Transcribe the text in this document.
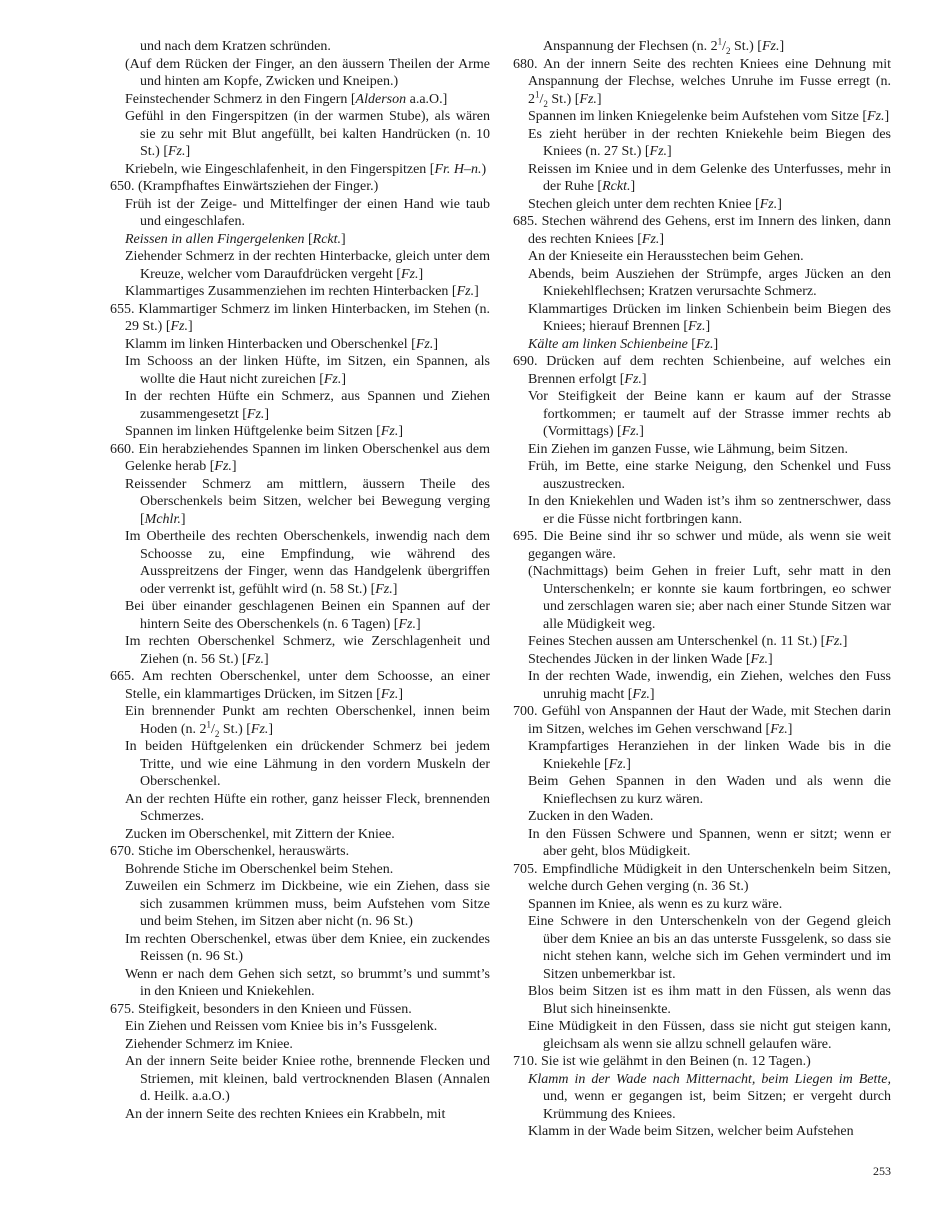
und nach dem Kratzen schründen.
(Auf dem Rücken der Finger, an den äussern Theilen der Arme und hinten am Kopfe, Zwicken und Kneipen.)
Feinstechender Schmerz in den Fingern [Alderson a.a.O.]
Gefühl in den Fingerspitzen (in der warmen Stube), als wären sie zu sehr mit Blut angefüllt, bei kalten Handrücken (n. 10 St.) [Fz.]
Kriebeln, wie Eingeschlafenheit, in den Fingerspitzen [Fr. H–n.)
650. (Krampfhaftes Einwärtsziehen der Finger.)
Früh ist der Zeige- und Mittelfinger der einen Hand wie taub und eingeschlafen.
Reissen in allen Fingergelenken [Rckt.]
Ziehender Schmerz in der rechten Hinterbacke, gleich unter dem Kreuze, welcher vom Daraufdrücken vergeht [Fz.]
Klammartiges Zusammenziehen im rechten Hinterbacken [Fz.]
655. Klammartiger Schmerz im linken Hinterbacken, im Stehen (n. 29 St.) [Fz.]
Klamm im linken Hinterbacken und Oberschenkel [Fz.]
Im Schooss an der linken Hüfte, im Sitzen, ein Spannen, als wollte die Haut nicht zureichen [Fz.]
In der rechten Hüfte ein Schmerz, aus Spannen und Ziehen zusammengesetzt [Fz.]
Spannen im linken Hüftgelenke beim Sitzen [Fz.]
660. Ein herabziehendes Spannen im linken Oberschenkel aus dem Gelenke herab [Fz.]
Reissender Schmerz am mittlern, äussern Theile des Oberschenkels beim Sitzen, welcher bei Bewegung verging [Mchlr.]
Im Obertheile des rechten Oberschenkels, inwendig nach dem Schoosse zu, eine Empfindung, wie während des Ausspreitzens der Finger, wenn das Handgelenk übergriffen oder verrenkt ist, gefühlt wird (n. 58 St.) [Fz.]
Bei über einander geschlagenen Beinen ein Spannen auf der hintern Seite des Oberschenkels (n. 6 Tagen) [Fz.]
Im rechten Oberschenkel Schmerz, wie Zerschlagenheit und Ziehen (n. 56 St.) [Fz.]
665. Am rechten Oberschenkel, unter dem Schoosse, an einer Stelle, ein klammartiges Drücken, im Sitzen [Fz.]
Ein brennender Punkt am rechten Oberschenkel, innen beim Hoden (n. $2^1/_2$ St.) [Fz.]
In beiden Hüftgelenken ein drückender Schmerz bei jedem Tritte, und wie eine Lähmung in den vordern Muskeln der Oberschenkel.
An der rechten Hüfte ein rother, ganz heisser Fleck, brennenden Schmerzes.
Zucken im Oberschenkel, mit Zittern der Kniee.
670. Stiche im Oberschenkel, herauswärts.
Bohrende Stiche im Oberschenkel beim Stehen.
Zuweilen ein Schmerz im Dickbeine, wie ein Ziehen, dass sie sich zusammen krümmen muss, beim Aufstehen vom Sitze und beim Stehen, im Sitzen aber nicht (n. 96 St.)
Im rechten Oberschenkel, etwas über dem Kniee, ein zuckendes Reissen (n. 96 St.)
Wenn er nach dem Gehen sich setzt, so brummt’s und summt’s in den Knieen und Kniekehlen.
675. Steifigkeit, besonders in den Knieen und Füssen.
Ein Ziehen und Reissen vom Kniee bis in’s Fussgelenk.
Ziehender Schmerz im Kniee.
An der innern Seite beider Kniee rothe, brennende Flecken und Striemen, mit kleinen, bald vertrocknenden Blasen (Annalen d. Heilk. a.a.O.)
An der innern Seite des rechten Kniees ein Krabbeln, mit
Anspannung der Flechsen (n. $2^1/_2$ St.) [Fz.]
680. An der innern Seite des rechten Kniees eine Dehnung mit Anspannung der Flechse, welches Unruhe im Fusse erregt (n. $2^1/_2$ St.) [Fz.]
Spannen im linken Kniegelenke beim Aufstehen vom Sitze [Fz.]
Es zieht herüber in der rechten Kniekehle beim Biegen des Kniees (n. 27 St.) [Fz.]
Reissen im Kniee und in dem Gelenke des Unterfusses, mehr in der Ruhe [Rckt.]
Stechen gleich unter dem rechten Kniee [Fz.]
685. Stechen während des Gehens, erst im Innern des linken, dann des rechten Kniees [Fz.]
An der Knieseite ein Herausstechen beim Gehen.
Abends, beim Ausziehen der Strümpfe, arges Jücken an den Kniekehlflechsen; Kratzen verursachte Schmerz.
Klammartiges Drücken im linken Schienbein beim Biegen des Kniees; hierauf Brennen [Fz.]
Kälte am linken Schienbeine [Fz.]
690. Drücken auf dem rechten Schienbeine, auf welches ein Brennen erfolgt [Fz.]
Vor Steifigkeit der Beine kann er kaum auf der Strasse fortkommen; er taumelt auf der Strasse immer rechts ab (Vormittags) [Fz.]
Ein Ziehen im ganzen Fusse, wie Lähmung, beim Sitzen.
Früh, im Bette, eine starke Neigung, den Schenkel und Fuss auszustrecken.
In den Kniekehlen und Waden ist’s ihm so zentnerschwer, dass er die Füsse nicht fortbringen kann.
695. Die Beine sind ihr so schwer und müde, als wenn sie weit gegangen wäre.
(Nachmittags) beim Gehen in freier Luft, sehr matt in den Unterschenkeln; er konnte sie kaum fortbringen, eo schwer und zerschlagen waren sie; aber nach einer Stunde Sitzen war alle Müdigkeit weg.
Feines Stechen aussen am Unterschenkel (n. 11 St.) [Fz.]
Stechendes Jücken in der linken Wade [Fz.]
In der rechten Wade, inwendig, ein Ziehen, welches den Fuss unruhig macht [Fz.]
700. Gefühl von Anspannen der Haut der Wade, mit Stechen darin im Sitzen, welches im Gehen verschwand [Fz.]
Krampfartiges Heranziehen in der linken Wade bis in die Kniekehle [Fz.]
Beim Gehen Spannen in den Waden und als wenn die Knieflechsen zu kurz wären.
Zucken in den Waden.
In den Füssen Schwere und Spannen, wenn er sitzt; wenn er aber geht, blos Müdigkeit.
705. Empfindliche Müdigkeit in den Unterschenkeln beim Sitzen, welche durch Gehen verging (n. 36 St.)
Spannen im Kniee, als wenn es zu kurz wäre.
Eine Schwere in den Unterschenkeln von der Gegend gleich über dem Kniee an bis an das unterste Fussgelenk, so dass sie nicht stehen kann, welche sich im Gehen vermindert und im Sitzen unbemerkbar ist.
Blos beim Sitzen ist es ihm matt in den Füssen, als wenn das Blut sich hineinsenkte.
Eine Müdigkeit in den Füssen, dass sie nicht gut steigen kann, gleichsam als wenn sie allzu schnell gelaufen wäre.
710. Sie ist wie gelähmt in den Beinen (n. 12 Tagen.)
Klamm in der Wade nach Mitternacht, beim Liegen im Bette, und, wenn er gegangen ist, beim Sitzen; er vergeht durch Krümmung des Kniees.
Klamm in der Wade beim Sitzen, welcher beim Aufstehen
253
